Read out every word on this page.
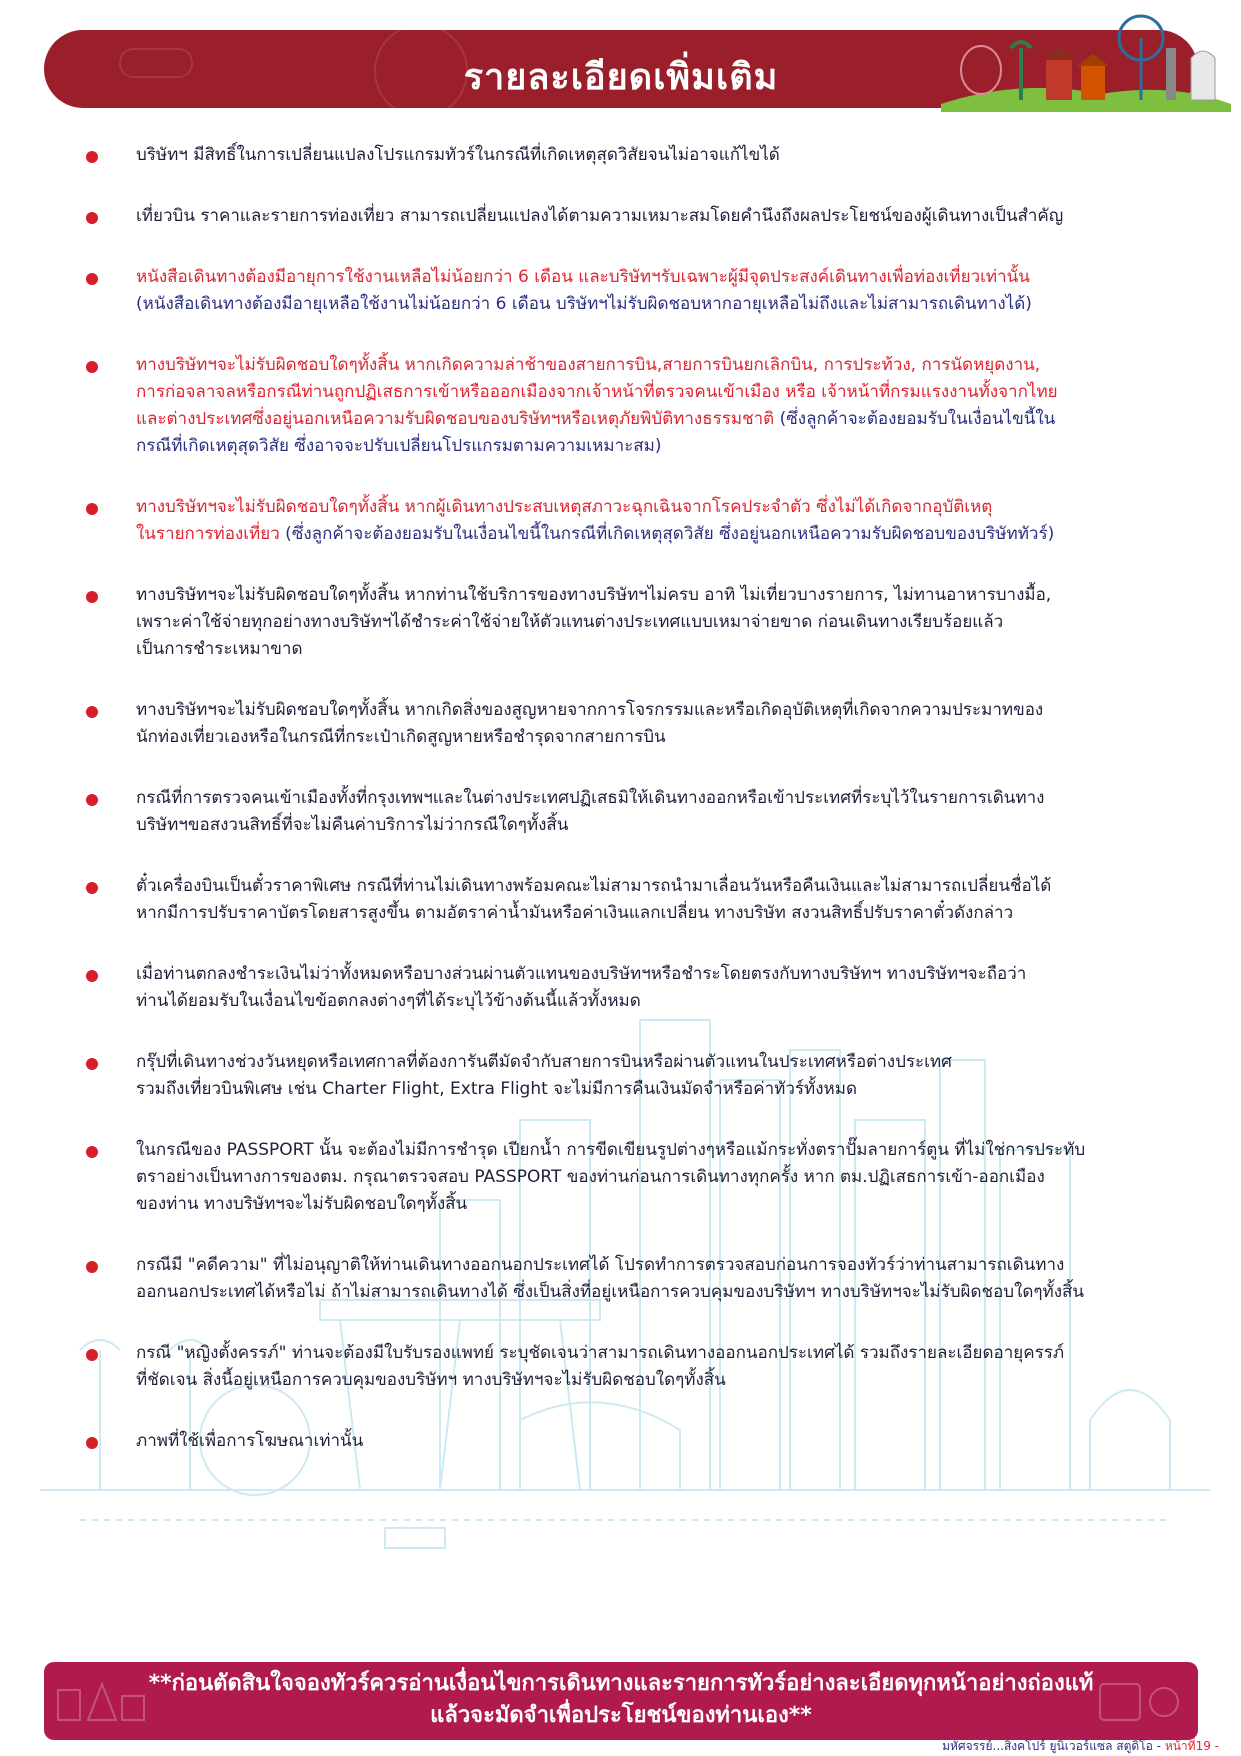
รายละเอียดเพิ่มเติม
บริษัทฯ มีสิทธิ์ในการเปลี่ยนแปลงโปรแกรมทัวร์ในกรณีที่เกิดเหตุสุดวิสัยจนไม่อาจแก้ไขได้
เที่ยวบิน ราคาและรายการท่องเที่ยว สามารถเปลี่ยนแปลงได้ตามความเหมาะสมโดยคำนึงถึงผลประโยชน์ของผู้เดินทางเป็นสำคัญ
หนังสือเดินทางต้องมีอายุการใช้งานเหลือไม่น้อยกว่า 6 เดือน และบริษัทฯรับเฉพาะผู้มีจุดประสงค์เดินทางเพื่อท่องเที่ยวเท่านั้น
(หนังสือเดินทางต้องมีอายุเหลือใช้งานไม่น้อยกว่า 6 เดือน บริษัทฯไม่รับผิดชอบหากอายุเหลือไม่ถึงและไม่สามารถเดินทางได้)
ทางบริษัทฯจะไม่รับผิดชอบใดๆทั้งสิ้น หากเกิดความล่าช้าของสายการบิน,สายการบินยกเลิกบิน, การประท้วง, การนัดหยุดงาน,
การก่อจลาจลหรือกรณีท่านถูกปฏิเสธการเข้าหรือออกเมืองจากเจ้าหน้าที่ตรวจคนเข้าเมือง หรือ เจ้าหน้าที่กรมแรงงานทั้งจากไทย
และต่างประเทศซึ่งอยู่นอกเหนือความรับผิดชอบของบริษัทฯหรือเหตุภัยพิบัติทางธรรมชาติ (ซึ่งลูกค้าจะต้องยอมรับในเงื่อนไขนี้ใน
กรณีที่เกิดเหตุสุดวิสัย ซึ่งอาจจะปรับเปลี่ยนโปรแกรมตามความเหมาะสม)
ทางบริษัทฯจะไม่รับผิดชอบใดๆทั้งสิ้น หากผู้เดินทางประสบเหตุสภาวะฉุกเฉินจากโรคประจำตัว ซึ่งไม่ได้เกิดจากอุบัติเหตุ
ในรายการท่องเที่ยว (ซึ่งลูกค้าจะต้องยอมรับในเงื่อนไขนี้ในกรณีที่เกิดเหตุสุดวิสัย ซึ่งอยู่นอกเหนือความรับผิดชอบของบริษัททัวร์)
ทางบริษัทฯจะไม่รับผิดชอบใดๆทั้งสิ้น หากท่านใช้บริการของทางบริษัทฯไม่ครบ อาทิ ไม่เที่ยวบางรายการ, ไม่ทานอาหารบางมื้อ,
เพราะค่าใช้จ่ายทุกอย่างทางบริษัทฯได้ชำระค่าใช้จ่ายให้ตัวแทนต่างประเทศแบบเหมาจ่ายขาด ก่อนเดินทางเรียบร้อยแล้ว
เป็นการชำระเหมาขาด
ทางบริษัทฯจะไม่รับผิดชอบใดๆทั้งสิ้น หากเกิดสิ่งของสูญหายจากการโจรกรรมและหรือเกิดอุบัติเหตุที่เกิดจากความประมาทของ
นักท่องเที่ยวเองหรือในกรณีที่กระเป๋าเกิดสูญหายหรือชำรุดจากสายการบิน
กรณีที่การตรวจคนเข้าเมืองทั้งที่กรุงเทพฯและในต่างประเทศปฏิเสธมิให้เดินทางออกหรือเข้าประเทศที่ระบุไว้ในรายการเดินทาง
บริษัทฯขอสงวนสิทธิ์ที่จะไม่คืนค่าบริการไม่ว่ากรณีใดๆทั้งสิ้น
ตั๋วเครื่องบินเป็นตั๋วราคาพิเศษ กรณีที่ท่านไม่เดินทางพร้อมคณะไม่สามารถนำมาเลื่อนวันหรือคืนเงินและไม่สามารถเปลี่ยนชื่อได้
หากมีการปรับราคาบัตรโดยสารสูงขึ้น ตามอัตราค่าน้ำมันหรือค่าเงินแลกเปลี่ยน ทางบริษัท สงวนสิทธิ์ปรับราคาตั๋วดังกล่าว
เมื่อท่านตกลงชำระเงินไม่ว่าทั้งหมดหรือบางส่วนผ่านตัวแทนของบริษัทฯหรือชำระโดยตรงกับทางบริษัทฯ ทางบริษัทฯจะถือว่า
ท่านได้ยอมรับในเงื่อนไขข้อตกลงต่างๆที่ได้ระบุไว้ข้างต้นนี้แล้วทั้งหมด
กรุ๊ปที่เดินทางช่วงวันหยุดหรือเทศกาลที่ต้องการันตีมัดจำกับสายการบินหรือผ่านตัวแทนในประเทศหรือต่างประเทศ
รวมถึงเที่ยวบินพิเศษ เช่น Charter Flight, Extra Flight จะไม่มีการคืนเงินมัดจำหรือค่าทัวร์ทั้งหมด
ในกรณีของ PASSPORT นั้น จะต้องไม่มีการชำรุด เปียกน้ำ การขีดเขียนรูปต่างๆหรือแม้กระทั่งตราปั๊มลายการ์ตูน ที่ไม่ใช่การประทับ
ตราอย่างเป็นทางการของตม. กรุณาตรวจสอบ PASSPORT ของท่านก่อนการเดินทางทุกครั้ง หาก ตม.ปฏิเสธการเข้า-ออกเมือง
ของท่าน ทางบริษัทฯจะไม่รับผิดชอบใดๆทั้งสิ้น
กรณีมี "คดีความ" ที่ไม่อนุญาติให้ท่านเดินทางออกนอกประเทศได้ โปรดทำการตรวจสอบก่อนการจองทัวร์ว่าท่านสามารถเดินทาง
ออกนอกประเทศได้หรือไม่ ถ้าไม่สามารถเดินทางได้ ซึ่งเป็นสิ่งที่อยู่เหนือการควบคุมของบริษัทฯ ทางบริษัทฯจะไม่รับผิดชอบใดๆทั้งสิ้น
กรณี "หญิงตั้งครรภ์" ท่านจะต้องมีใบรับรองแพทย์ ระบุชัดเจนว่าสามารถเดินทางออกนอกประเทศได้ รวมถึงรายละเอียดอายุครรภ์
ที่ชัดเจน สิ่งนี้อยู่เหนือการควบคุมของบริษัทฯ ทางบริษัทฯจะไม่รับผิดชอบใดๆทั้งสิ้น
ภาพที่ใช้เพื่อการโฆษณาเท่านั้น
**ก่อนตัดสินใจจองทัวร์ควรอ่านเงื่อนไขการเดินทางและรายการทัวร์อย่างละเอียดทุกหน้าอย่างถ่องแท้
แล้วจะมัดจำเพื่อประโยชน์ของท่านเอง**
มหัศจรรย์...สิงคโปร์ ยูนิเวอร์แซล สตูดิโอ - หน้าที่19 -
